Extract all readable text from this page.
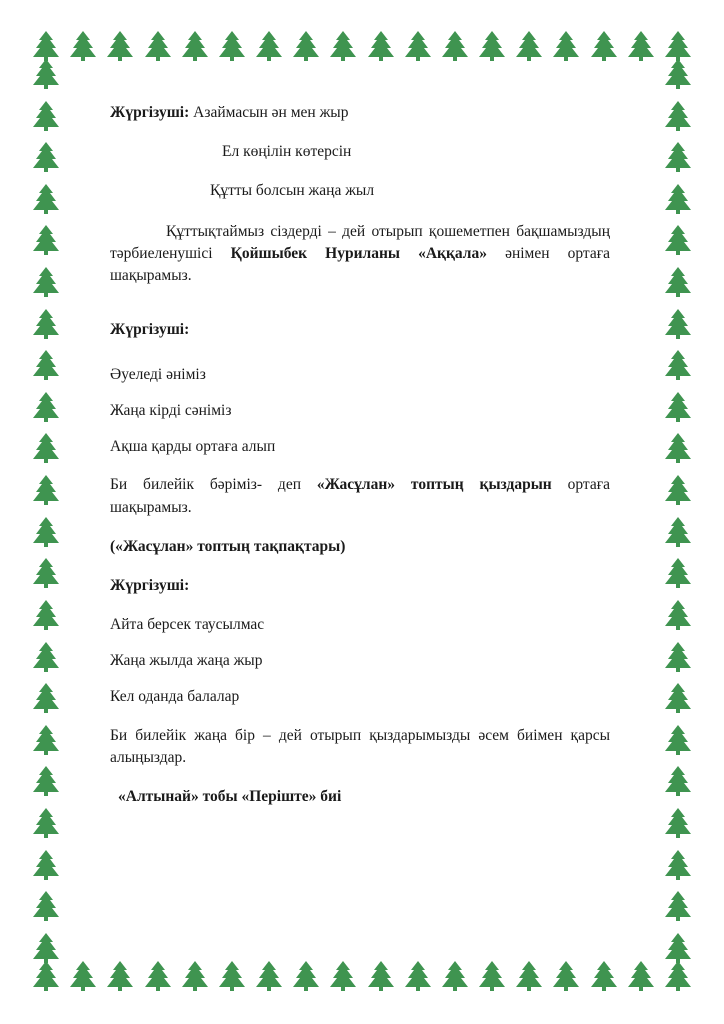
Жүргізуші: Азаймасын ән мен жыр

Ел көңілін көтерсін

Құтты болсын жаңа жыл

Құттықтаймыз сіздерді – дей отырып қошеметпен бақшамыздың тәрбиеленушісі Қойшыбек Нуриланы «Аққала» әнімен ортаға шақырамыз.

Жүргізуші:

Әуеледі әніміз

Жаңа кірді сәніміз

Ақша қарды ортаға алып

Би билейік бәріміз- деп «Жасұлан» топтың қыздарын ортаға шақырамыз.

(«Жасұлан» топтың тақпақтары)

Жүргізуші:

Айта берсек таусылмас

Жаңа жылда жаңа жыр

Кел оданда балалар

Би билейік жаңа бір – дей отырып қыздарымызды әсем биімен қарсы алыңыздар.

«Алтынай» тобы «Періште» биі
